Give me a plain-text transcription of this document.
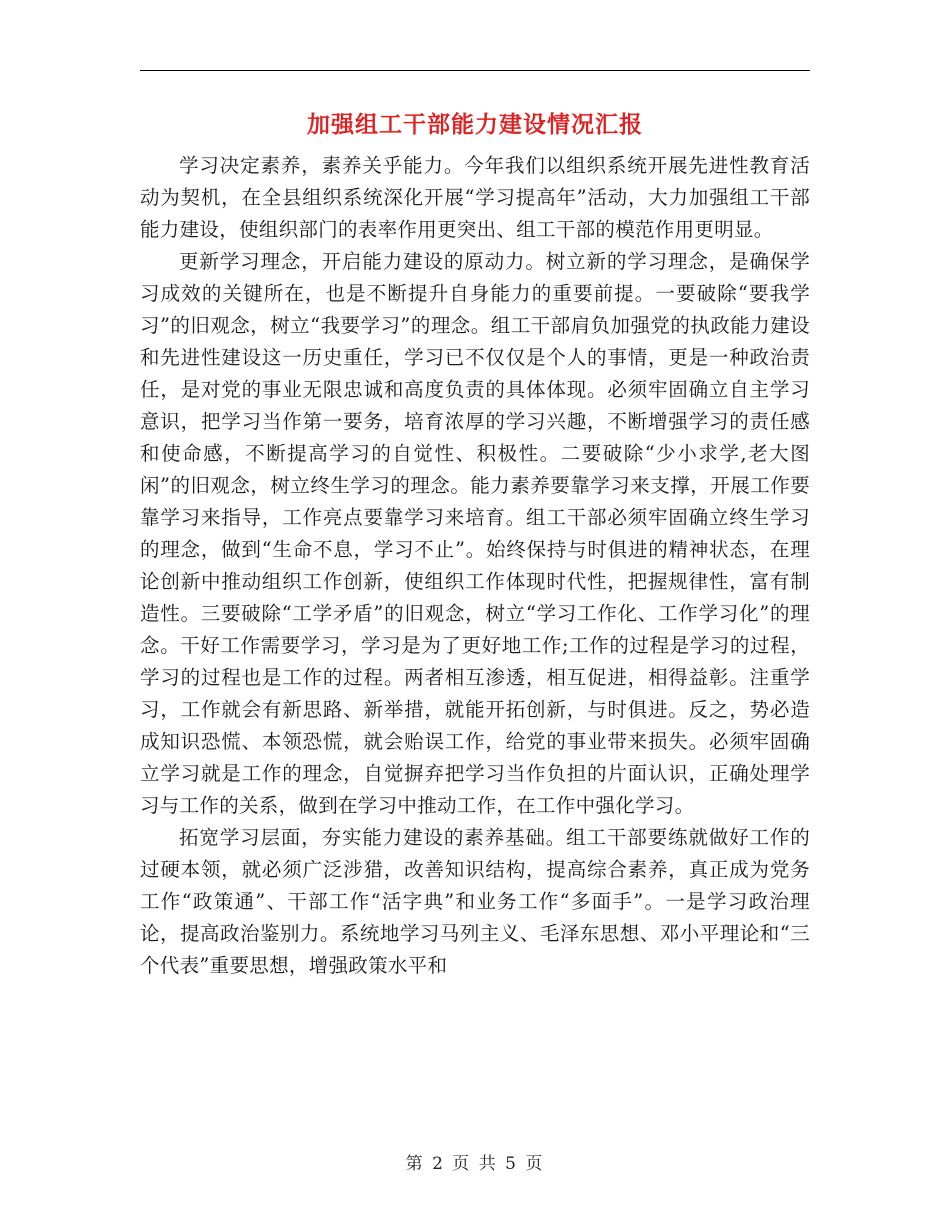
加强组工干部能力建设情况汇报

学习决定素养，素养关乎能力。今年我们以组织系统开展先进性教育活动为契机，在全县组织系统深化开展“学习提高年”活动，大力加强组工干部能力建设，使组织部门的表率作用更突出、组工干部的模范作用更明显。

更新学习理念，开启能力建设的原动力。树立新的学习理念，是确保学习成效的关键所在，也是不断提升自身能力的重要前提。一要破除“要我学习”的旧观念，树立“我要学习”的理念。组工干部肩负加强党的执政能力建设和先进性建设这一历史重任，学习已不仅仅是个人的事情，更是一种政治责任，是对党的事业无限忠诚和高度负责的具体体现。必须牢固确立自主学习意识，把学习当作第一要务，培育浓厚的学习兴趣，不断增强学习的责任感和使命感，不断提高学习的自觉性、积极性。二要破除“少小求学,老大图闲”的旧观念，树立终生学习的理念。能力素养要靠学习来支撑，开展工作要靠学习来指导，工作亮点要靠学习来培育。组工干部必须牢固确立终生学习的理念，做到“生命不息，学习不止”。始终保持与时俱进的精神状态，在理论创新中推动组织工作创新，使组织工作体现时代性，把握规律性，富有制造性。三要破除“工学矛盾”的旧观念，树立“学习工作化、工作学习化”的理念。干好工作需要学习，学习是为了更好地工作;工作的过程是学习的过程，学习的过程也是工作的过程。两者相互渗透，相互促进，相得益彰。注重学习，工作就会有新思路、新举措，就能开拓创新，与时俱进。反之，势必造成知识恐慌、本领恐慌，就会贻误工作，给党的事业带来损失。必须牢固确立学习就是工作的理念，自觉摒弃把学习当作负担的片面认识，正确处理学习与工作的关系，做到在学习中推动工作，在工作中强化学习。

拓宽学习层面，夯实能力建设的素养基础。组工干部要练就做好工作的过硬本领，就必须广泛涉猎，改善知识结构，提高综合素养，真正成为党务工作“政策通”、干部工作“活字典”和业务工作“多面手”。一是学习政治理论，提高政治鉴别力。系统地学习马列主义、毛泽东思想、邓小平理论和“三个代表”重要思想，增强政策水平和

第 2 页 共 5 页
